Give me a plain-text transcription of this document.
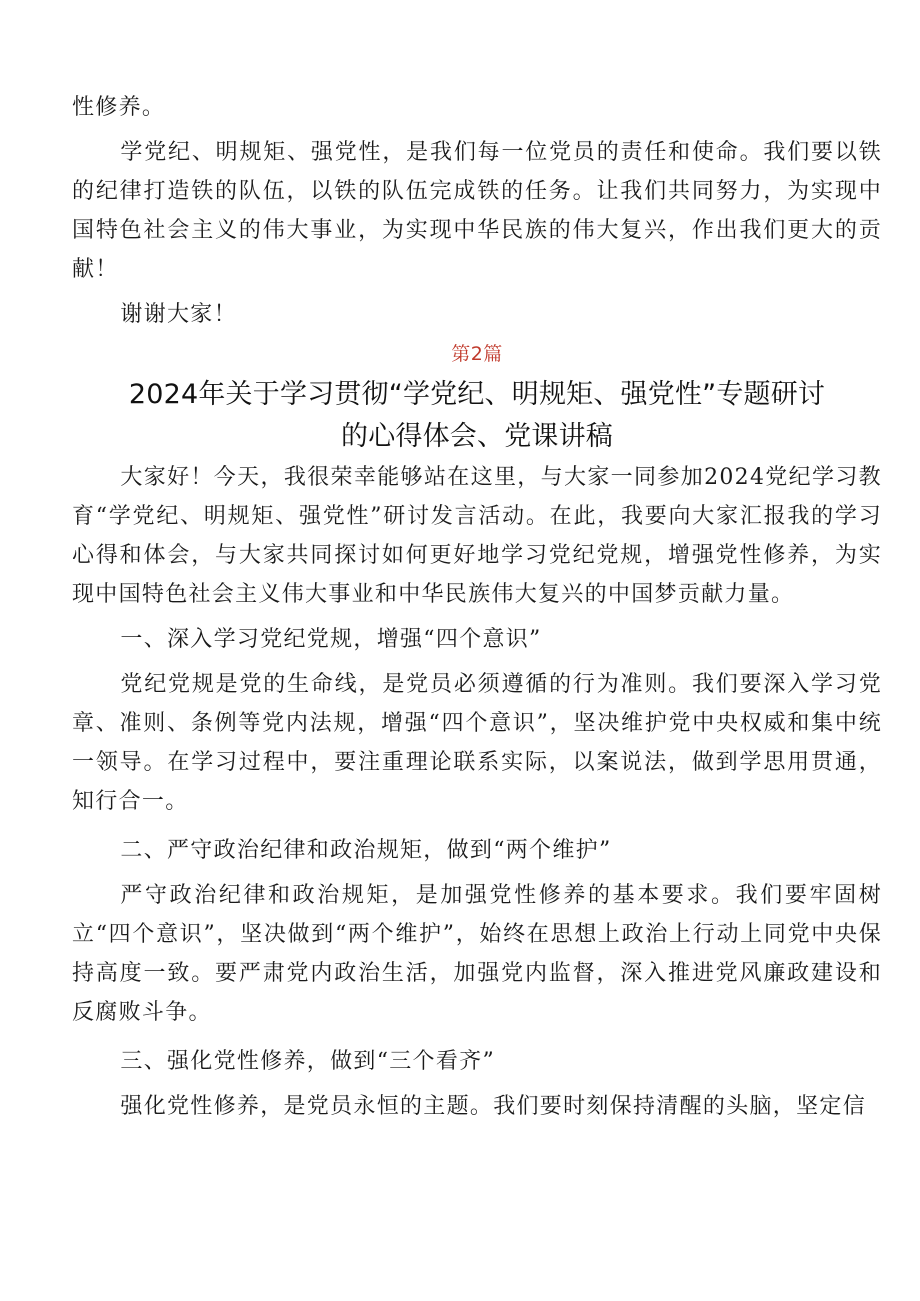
性修养。

学党纪、明规矩、强党性，是我们每一位党员的责任和使命。我们要以铁的纪律打造铁的队伍，以铁的队伍完成铁的任务。让我们共同努力，为实现中国特色社会主义的伟大事业，为实现中华民族的伟大复兴，作出我们更大的贡献！

谢谢大家！

第2篇

2024年关于学习贯彻“学党纪、明规矩、强党性”专题研讨
的心得体会、党课讲稿

大家好！今天，我很荣幸能够站在这里，与大家一同参加2024党纪学习教育“学党纪、明规矩、强党性”研讨发言活动。在此，我要向大家汇报我的学习心得和体会，与大家共同探讨如何更好地学习党纪党规，增强党性修养，为实现中国特色社会主义伟大事业和中华民族伟大复兴的中国梦贡献力量。

一、深入学习党纪党规，增强“四个意识”

党纪党规是党的生命线，是党员必须遵循的行为准则。我们要深入学习党章、准则、条例等党内法规，增强“四个意识”，坚决维护党中央权威和集中统一领导。在学习过程中，要注重理论联系实际，以案说法，做到学思用贯通，知行合一。

二、严守政治纪律和政治规矩，做到“两个维护”

严守政治纪律和政治规矩，是加强党性修养的基本要求。我们要牢固树立“四个意识”，坚决做到“两个维护”，始终在思想上政治上行动上同党中央保持高度一致。要严肃党内政治生活，加强党内监督，深入推进党风廉政建设和反腐败斗争。

三、强化党性修养，做到“三个看齐”

强化党性修养，是党员永恒的主题。我们要时刻保持清醒的头脑，坚定信
